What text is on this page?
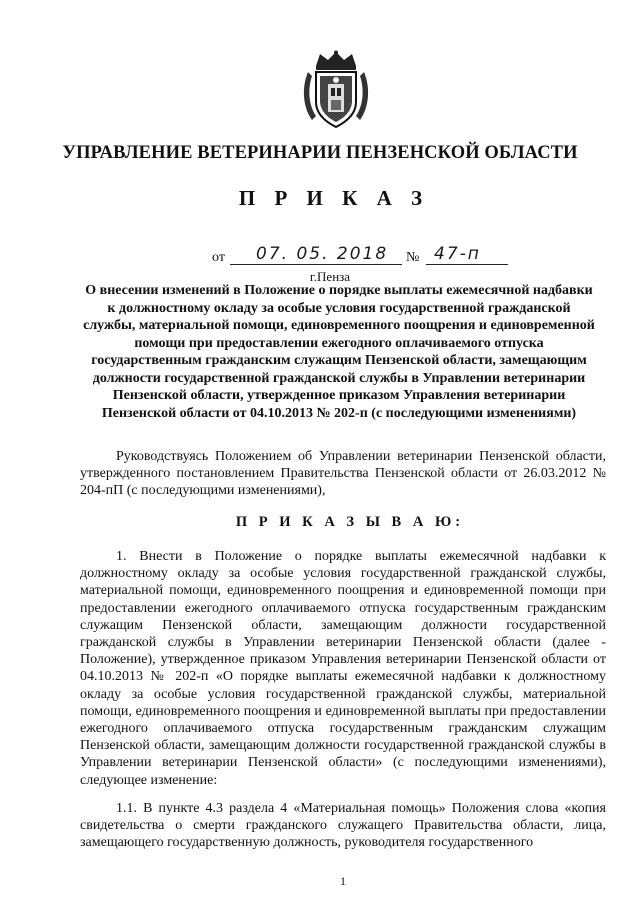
УПРАВЛЕНИЕ ВЕТЕРИНАРИИ ПЕНЗЕНСКОЙ ОБЛАСТИ
П Р И К А З
от 07. 05. 2018 № 47-п
г.Пенза
О внесении изменений в Положение о порядке выплаты ежемесячной надбавки к должностному окладу за особые условия государственной гражданской службы, материальной помощи, единовременного поощрения и единовременной помощи при предоставлении ежегодного оплачиваемого отпуска государственным гражданским служащим Пензенской области, замещающим должности государственной гражданской службы в Управлении ветеринарии Пензенской области, утвержденное приказом Управления ветеринарии Пензенской области от 04.10.2013 № 202-п (с последующими изменениями)
Руководствуясь Положением об Управлении ветеринарии Пензенской области, утвержденного постановлением Правительства Пензенской области от 26.03.2012 № 204-пП (с последующими изменениями),
П Р И К А З Ы В А Ю:
1. Внести в Положение о порядке выплаты ежемесячной надбавки к должностному окладу за особые условия государственной гражданской службы, материальной помощи, единовременного поощрения и единовременной помощи при предоставлении ежегодного оплачиваемого отпуска государственным гражданским служащим Пензенской области, замещающим должности государственной гражданской службы в Управлении ветеринарии Пензенской области (далее - Положение), утвержденное приказом Управления ветеринарии Пензенской области от 04.10.2013 № 202-п «О порядке выплаты ежемесячной надбавки к должностному окладу за особые условия государственной гражданской службы, материальной помощи, единовременного поощрения и единовременной выплаты при предоставлении ежегодного оплачиваемого отпуска государственным гражданским служащим Пензенской области, замещающим должности государственной гражданской службы в Управлении ветеринарии Пензенской области» (с последующими изменениями), следующее изменение:
1.1. В пункте 4.3 раздела 4 «Материальная помощь» Положения слова «копия свидетельства о смерти гражданского служащего Правительства области, лица, замещающего государственную должность, руководителя государственного
1
